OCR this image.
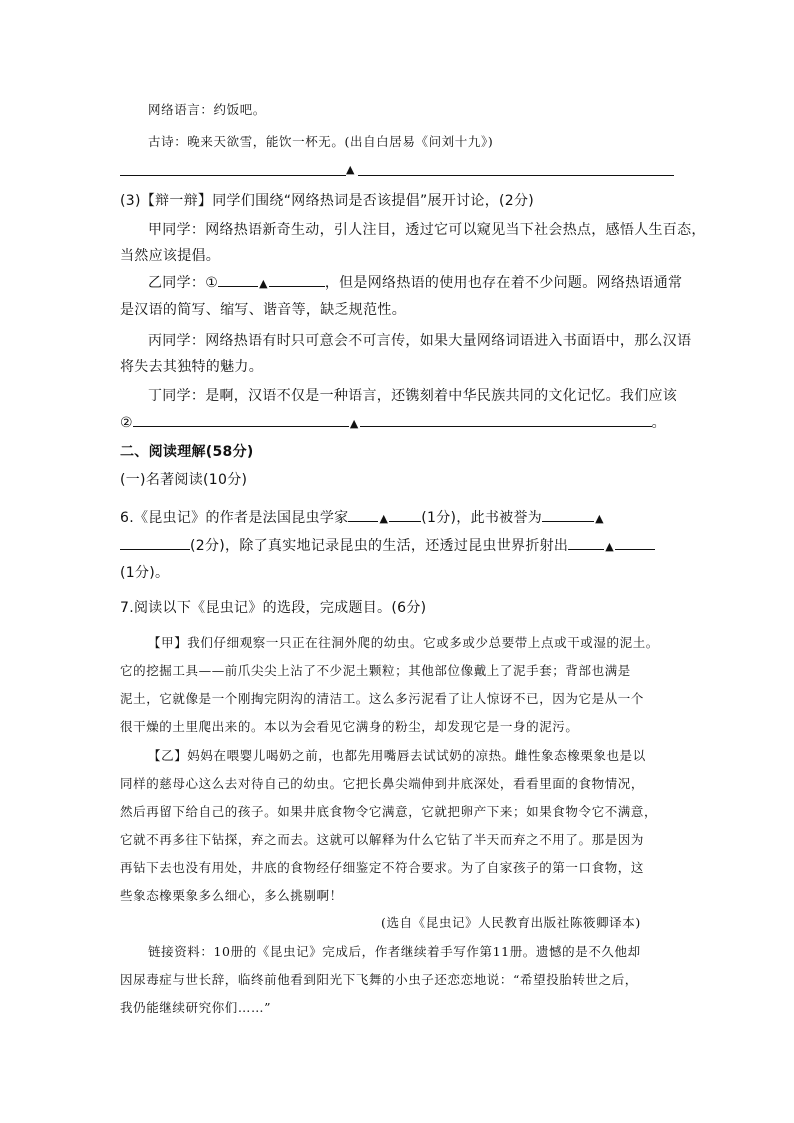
网络语言：约饭吧。
古诗：晚来天欲雪，能饮一杯无。(出自白居易《问刘十九》)
▲
(3)【辩一辩】同学们围绕“网络热词是否该提倡”展开讨论，(2分)
甲同学：网络热语新奇生动，引人注目，透过它可以窥见当下社会热点，感悟人生百态，
当然应该提倡。
乙同学：①	▲	，但是网络热语的使用也存在着不少问题。网络热语通常
是汉语的简写、缩写、谐音等，缺乏规范性。
丙同学：网络热语有时只可意会不可言传，如果大量网络词语进入书面语中，那么汉语
将失去其独特的魅力。
丁同学：是啊，汉语不仅是一种语言，还镌刻着中华民族共同的文化记忆。我们应该
②	▲	。
二、阅读理解(58分)
(一)名著阅读(10分)
6.《昆虫记》的作者是法国昆虫学家	▲ (1分)，此书被誉为	▲
(2分)，除了真实地记录昆虫的生活，还透过昆虫世界折射出	▲
(1分)。
7.阅读以下《昆虫记》的选段，完成题目。(6分)
【甲】我们仔细观察一只正在往洞外爬的幼虫。它或多或少总要带上点或干或湿的泥土。
它的挖掘工具——前爪尖尖上沾了不少泥土颗粒；其他部位像戴上了泥手套；背部也满是
泥土，它就像是一个刚掏完阴沟的清洁工。这么多污泥看了让人惊讶不已，因为它是从一个
很干燥的土里爬出来的。本以为会看见它满身的粉尘，却发现它是一身的泥污。
【乙】妈妈在喂婴儿喝奶之前，也都先用嘴唇去试试奶的凉热。雌性象态橡栗象也是以
同样的慈母心这么去对待自己的幼虫。它把长鼻尖端伸到井底深处，看看里面的食物情况，
然后再留下给自己的孩子。如果井底食物令它满意，它就把卵产下来；如果食物令它不满意，
它就不再多往下钻探，弃之而去。这就可以解释为什么它钻了半天而弃之不用了。那是因为
再钻下去也没有用处，井底的食物经仔细鉴定不符合要求。为了自家孩子的第一口食物，这
些象态橡栗象多么细心，多么挑剔啊！
(选自《昆虫记》人民教育出版社陈筱卿译本)
链接资料：10册的《昆虫记》完成后，作者继续着手写作第11册。遗憾的是不久他却
因尿毒症与世长辞，临终前他看到阳光下飞舞的小虫子还恋恋地说：“希望投胎转世之后，
我仍能继续研究你们……”
